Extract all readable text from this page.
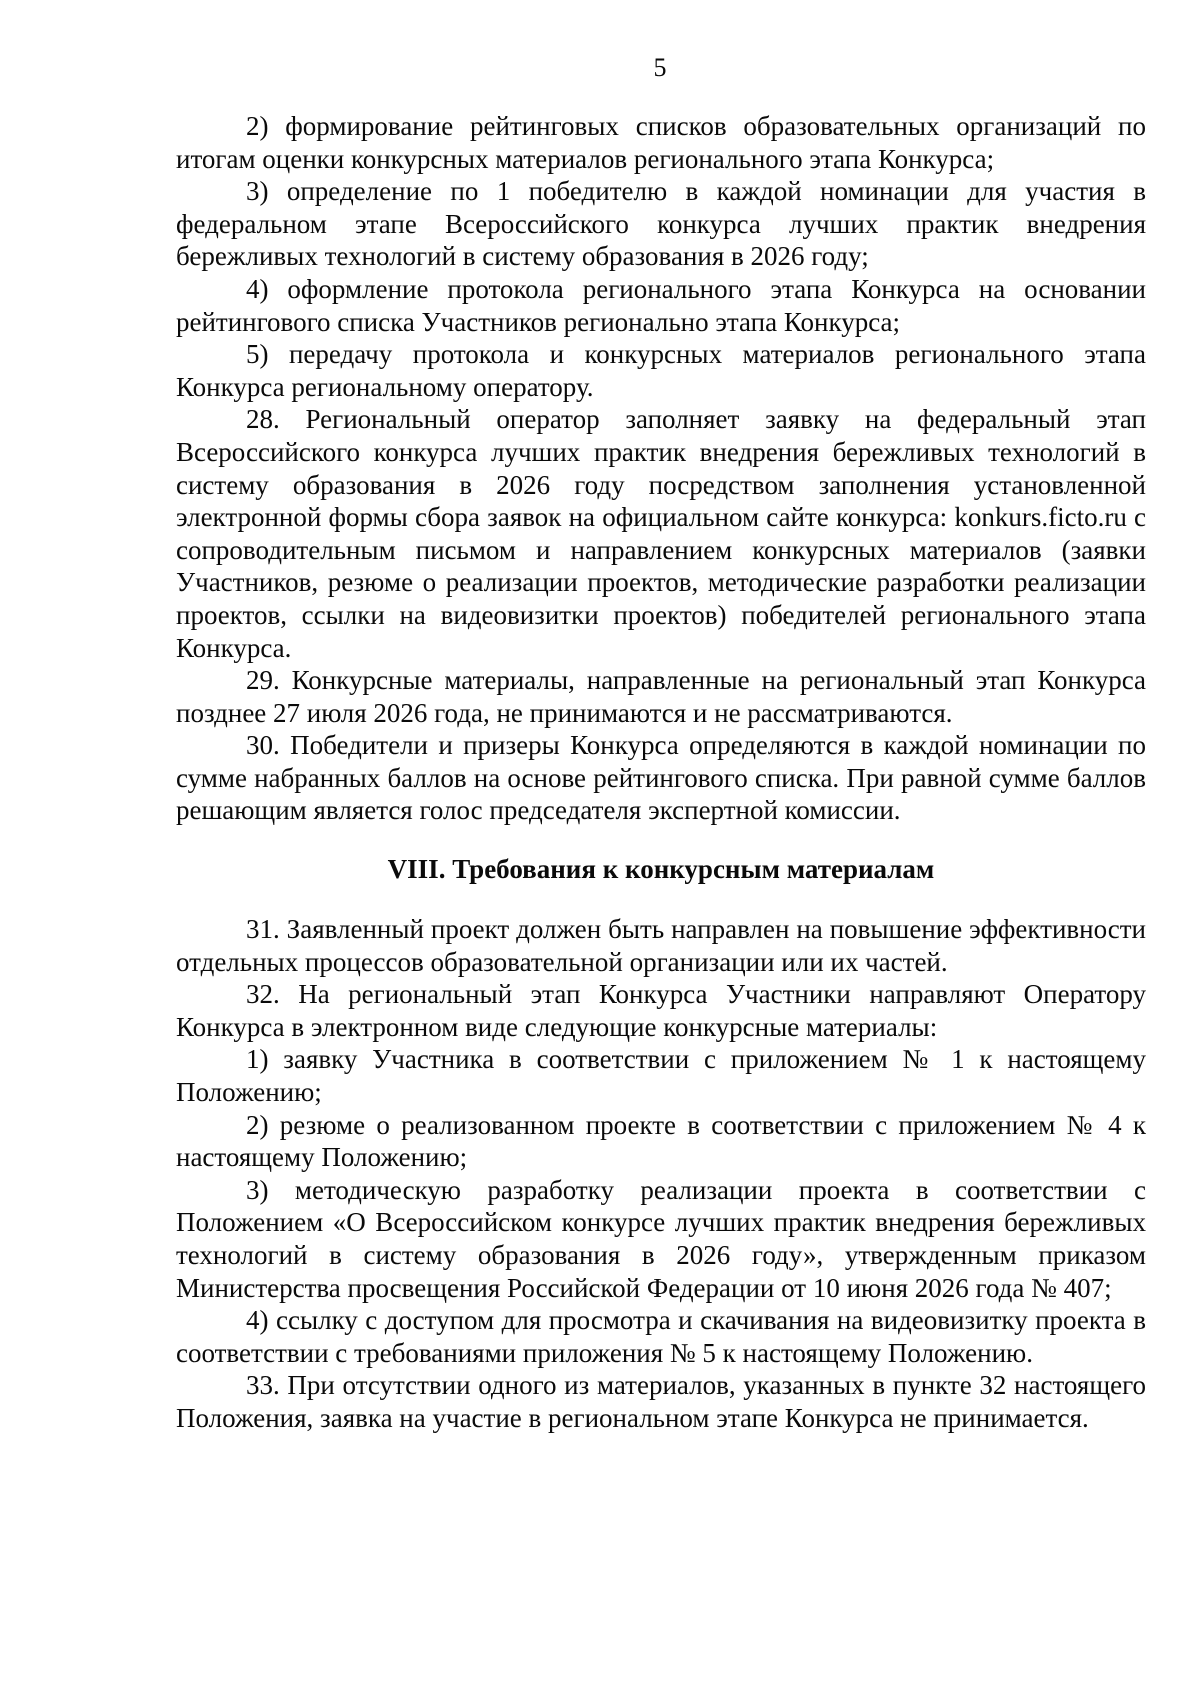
5

2) формирование рейтинговых списков образовательных организаций по итогам оценки конкурсных материалов регионального этапа Конкурса;

3) определение по 1 победителю в каждой номинации для участия в федеральном этапе Всероссийского конкурса лучших практик внедрения бережливых технологий в систему образования в 2026 году;

4) оформление протокола регионального этапа Конкурса на основании рейтингового списка Участников регионально этапа Конкурса;

5) передачу протокола и конкурсных материалов регионального этапа Конкурса региональному оператору.

28. Региональный оператор заполняет заявку на федеральный этап Всероссийского конкурса лучших практик внедрения бережливых технологий в систему образования в 2026 году посредством заполнения установленной электронной формы сбора заявок на официальном сайте конкурса: konkurs.ficto.ru с сопроводительным письмом и направлением конкурсных материалов (заявки Участников, резюме о реализации проектов, методические разработки реализации проектов, ссылки на видеовизитки проектов) победителей регионального этапа Конкурса.

29. Конкурсные материалы, направленные на региональный этап Конкурса позднее 27 июля 2026 года, не принимаются и не рассматриваются.

30. Победители и призеры Конкурса определяются в каждой номинации по сумме набранных баллов на основе рейтингового списка. При равной сумме баллов решающим является голос председателя экспертной комиссии.

VIII. Требования к конкурсным материалам

31. Заявленный проект должен быть направлен на повышение эффективности отдельных процессов образовательной организации или их частей.

32. На региональный этап Конкурса Участники направляют Оператору Конкурса в электронном виде следующие конкурсные материалы:

1) заявку Участника в соответствии с приложением № 1 к настоящему Положению;

2) резюме о реализованном проекте в соответствии с приложением № 4 к настоящему Положению;

3) методическую разработку реализации проекта в соответствии с Положением «О Всероссийском конкурсе лучших практик внедрения бережливых технологий в систему образования в 2026 году», утвержденным приказом Министерства просвещения Российской Федерации от 10 июня 2026 года № 407;

4) ссылку с доступом для просмотра и скачивания на видеовизитку проекта в соответствии с требованиями приложения № 5 к настоящему Положению.

33. При отсутствии одного из материалов, указанных в пункте 32 настоящего Положения, заявка на участие в региональном этапе Конкурса не принимается.
